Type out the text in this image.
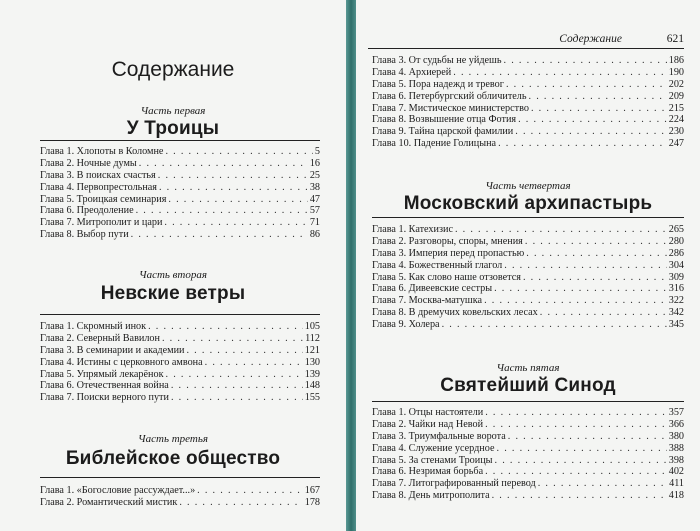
Содержание
Часть первая
У Троицы
Глава 1. Хлопоты в Коломне . . .	5
Глава 2. Ночные думы . . .	16
Глава 3. В поисках счастья . . .	25
Глава 4. Первопрестольная . . .	38
Глава 5. Троицкая семинария . . .	47
Глава 6. Преодоление . . .	57
Глава 7. Митрополит и цари . . .	71
Глава 8. Выбор пути . . .	86
Часть вторая
Невские ветры
Глава 1. Скромный инок . . .	105
Глава 2. Северный Вавилон . . .	112
Глава 3. В семинарии и академии . . .	121
Глава 4. Истины с церковного амвона . . .	130
Глава 5. Упрямый лекарёнок . . .	139
Глава 6. Отечественная война . . .	148
Глава 7. Поиски верного пути . . .	155
Часть третья
Библейское общество
Глава 1. «Богословие рассуждает...» . . .	167
Глава 2. Романтический мистик . . .	178
Содержание	621
Глава 3. От судьбы не уйдешь . . .	186
Глава 4. Архиерей . . .	190
Глава 5. Пора надежд и тревог . . .	202
Глава 6. Петербургский обличитель . . .	209
Глава 7. Мистическое министерство . . .	215
Глава 8. Возвышение отца Фотия . . .	224
Глава 9. Тайна царской фамилии . . .	230
Глава 10. Падение Голицына . . .	247
Часть четвертая
Московский архипастырь
Глава 1. Катехизис . . .	265
Глава 2. Разговоры, споры, мнения . . .	280
Глава 3. Империя перед пропастью . . .	286
Глава 4. Божественный глагол . . .	304
Глава 5. Как слово наше отзовется . . .	309
Глава 6. Дивеевские сестры . . .	316
Глава 7. Москва-матушка . . .	322
Глава 8. В дремучих ковельских лесах . . .	342
Глава 9. Холера . . .	345
Часть пятая
Святейший Синод
Глава 1. Отцы настоятели . . .	357
Глава 2. Чайки над Невой . . .	366
Глава 3. Триумфальные ворота . . .	380
Глава 4. Служение усердное . . .	388
Глава 5. За стенами Троицы . . .	398
Глава 6. Незримая борьба . . .	402
Глава 7. Литографированный перевод . . .	411
Глава 8. День митрополита . . .	418
